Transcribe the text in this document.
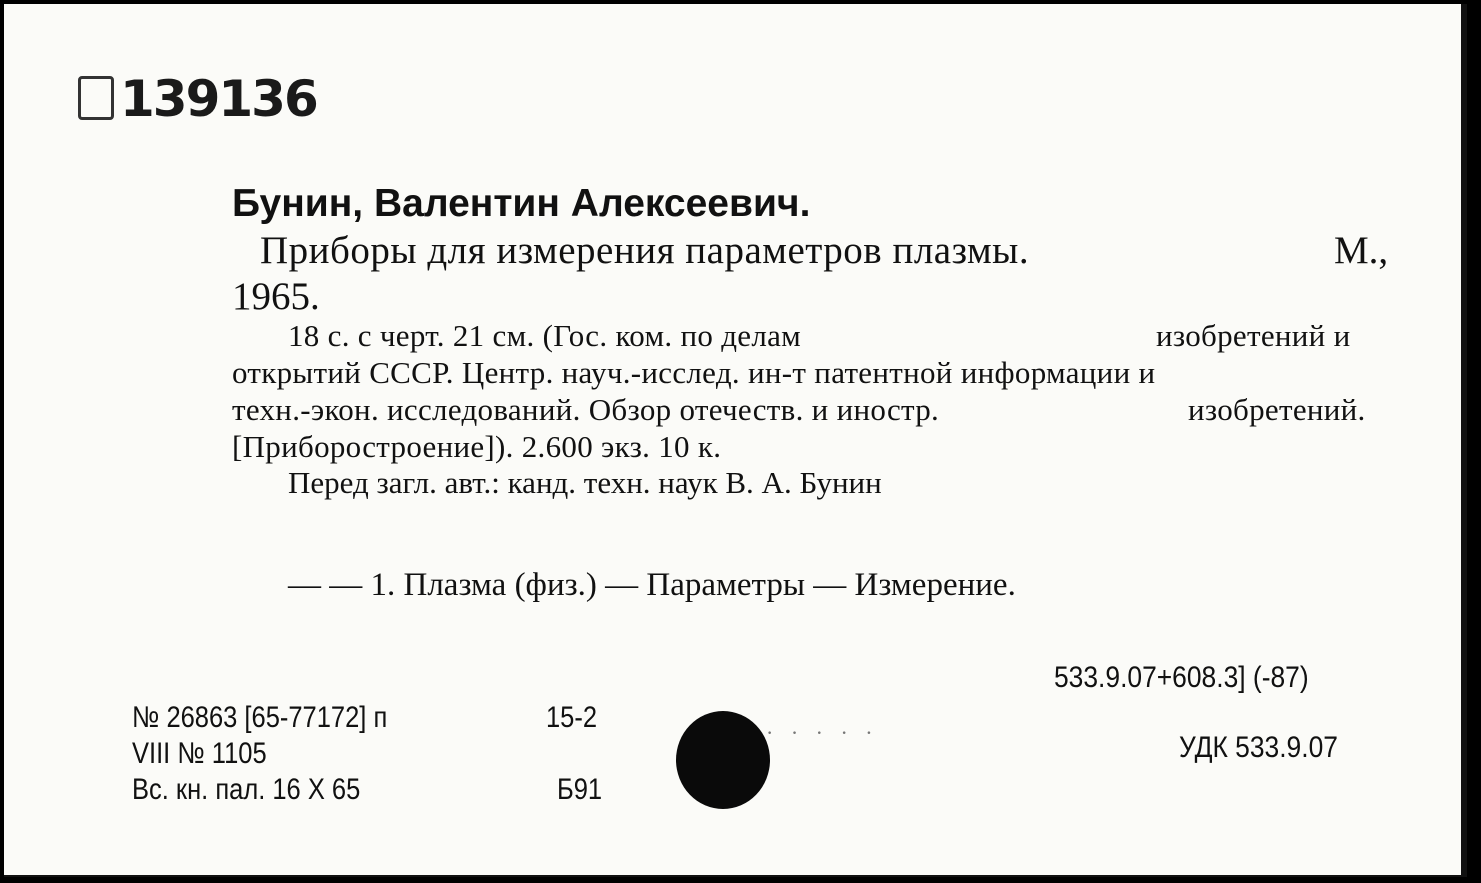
139136
Бунин, Валентин Алексеевич.
Приборы для измерения параметров плазмы.	М.,
1965.
18 с. с черт. 21 см. (Гос. ком. по делам	изобретений и
открытий СССР. Центр. науч.-исслед. ин-т патентной информации и
техн.-экон. исследований. Обзор отечеств. и иностр.	изобретений.
[Приборостроение]). 2.600 экз. 10 к.
Перед загл. авт.: канд. техн. наук В. А. Бунин
— — 1. Плазма (физ.) — Параметры — Измерение.
533.9.07+608.3] (-87)
УДК 533.9.07
№ 26863 [65-77172] п	15-2
VIII № 1105
Вс. кн. пал. 16 X 65	Б91
· · · · ·
